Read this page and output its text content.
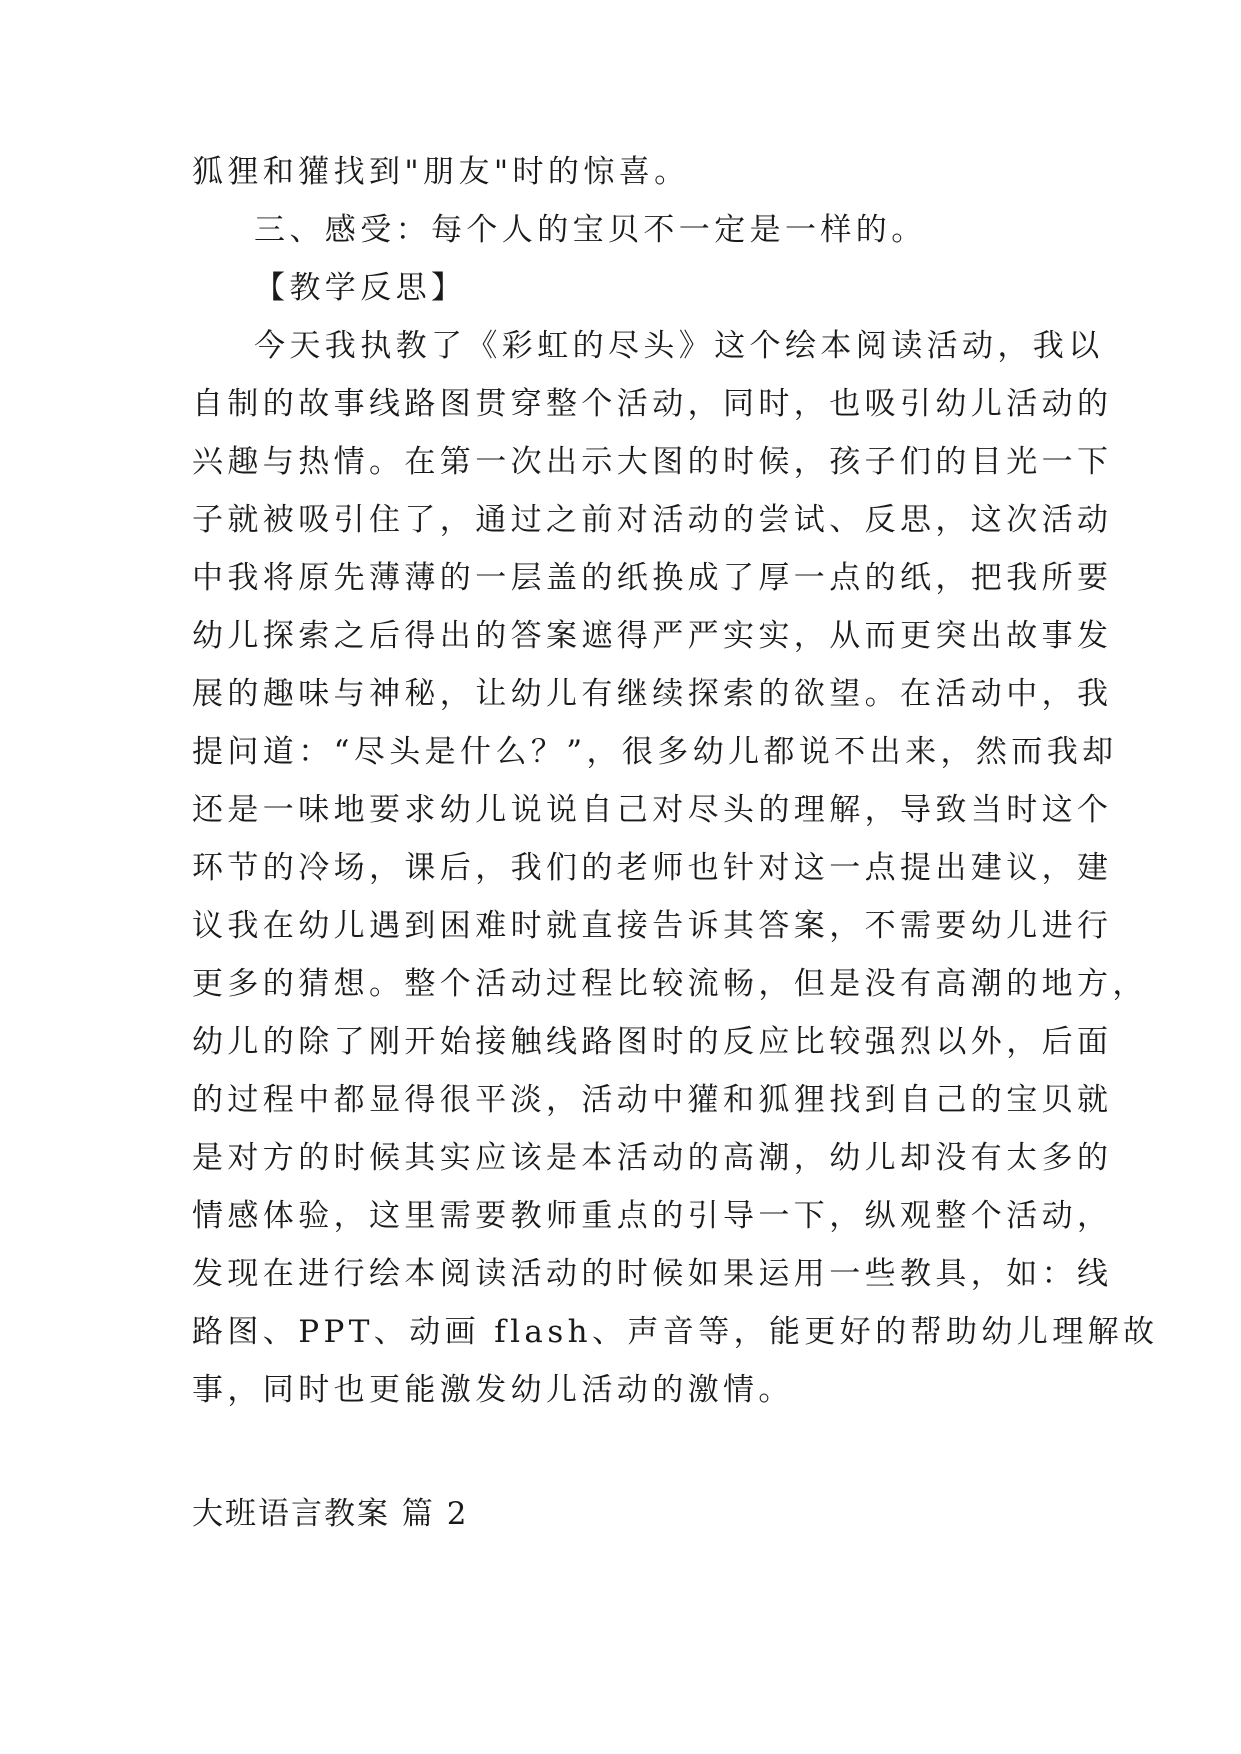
狐狸和獾找到"朋友"时的惊喜。
三、感受：每个人的宝贝不一定是一样的。
【教学反思】
今天我执教了《彩虹的尽头》这个绘本阅读活动，我以
自制的故事线路图贯穿整个活动，同时，也吸引幼儿活动的
兴趣与热情。在第一次出示大图的时候，孩子们的目光一下
子就被吸引住了，通过之前对活动的尝试、反思，这次活动
中我将原先薄薄的一层盖的纸换成了厚一点的纸，把我所要
幼儿探索之后得出的答案遮得严严实实，从而更突出故事发
展的趣味与神秘，让幼儿有继续探索的欲望。在活动中，我
提问道：“尽头是什么？”，很多幼儿都说不出来，然而我却
还是一味地要求幼儿说说自己对尽头的理解，导致当时这个
环节的冷场，课后，我们的老师也针对这一点提出建议，建
议我在幼儿遇到困难时就直接告诉其答案，不需要幼儿进行
更多的猜想。整个活动过程比较流畅，但是没有高潮的地方，
幼儿的除了刚开始接触线路图时的反应比较强烈以外，后面
的过程中都显得很平淡，活动中獾和狐狸找到自己的宝贝就
是对方的时候其实应该是本活动的高潮，幼儿却没有太多的
情感体验，这里需要教师重点的引导一下，纵观整个活动，
发现在进行绘本阅读活动的时候如果运用一些教具，如：线
路图、PPT、动画 flash、声音等，能更好的帮助幼儿理解故
事，同时也更能激发幼儿活动的激情。
大班语言教案 篇 2
